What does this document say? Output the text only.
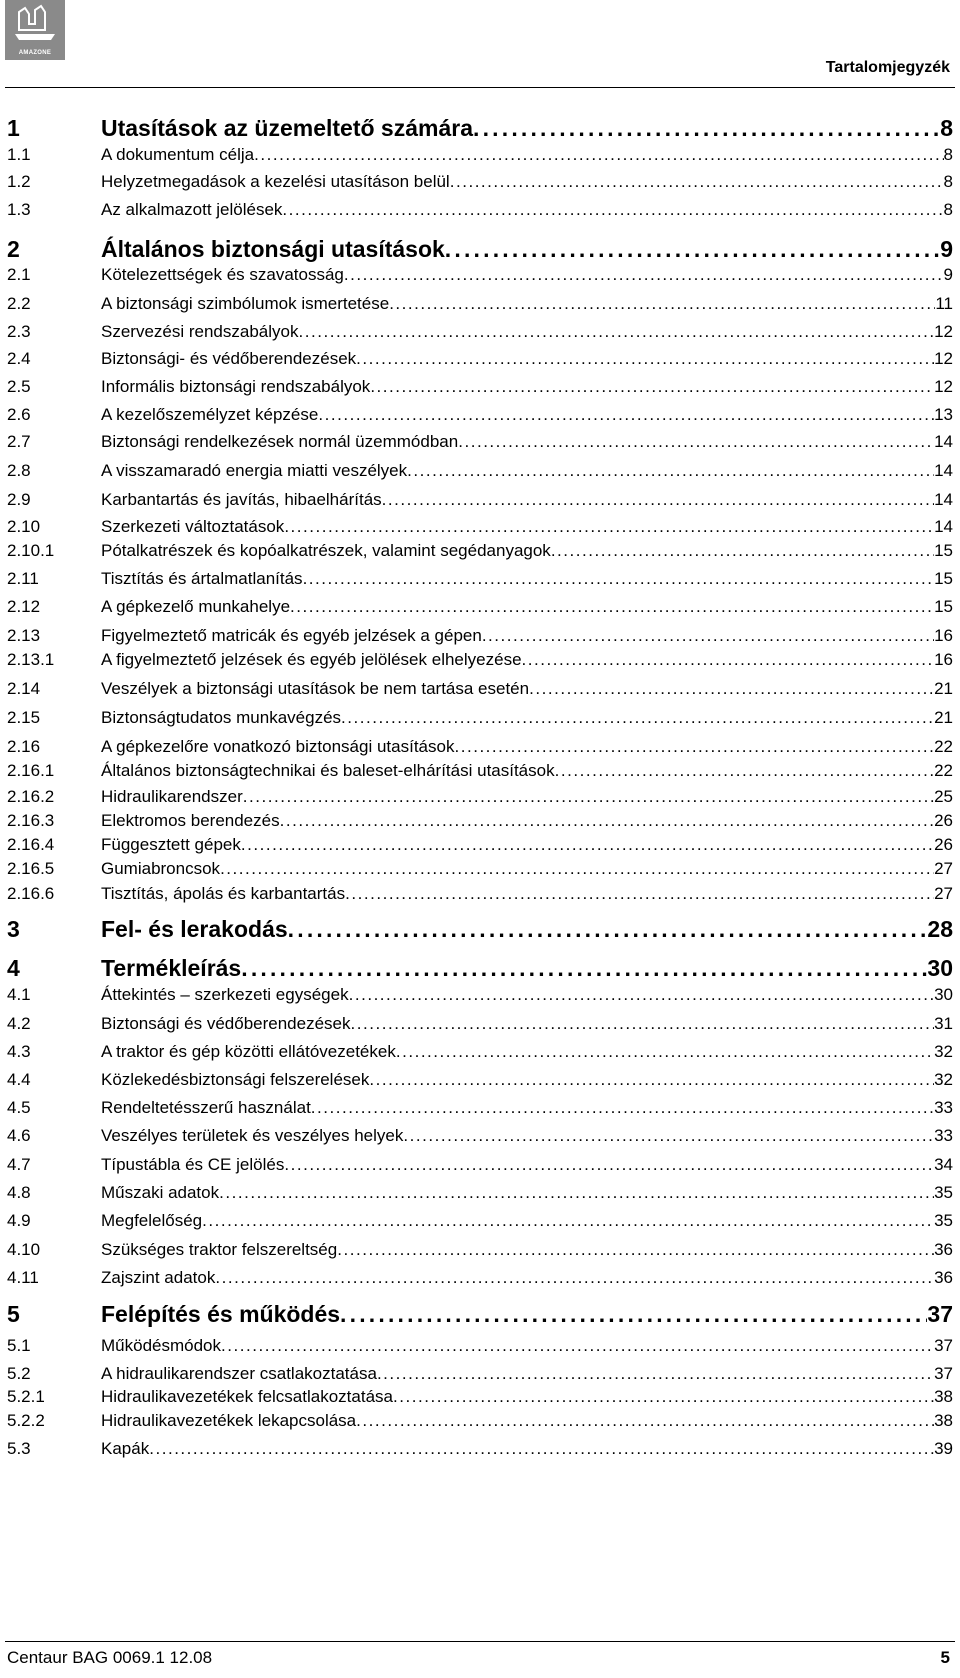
AMAZONE
Tartalomjegyzék
1	Utasítások az üzemeltető számára . . .	8
1.1	A dokumentum célja . . .	8
1.2	Helyzetmegadások a kezelési utasításon belül . . .	8
1.3	Az alkalmazott jelölések . . .	8
2	Általános biztonsági utasítások . . .	9
2.1	Kötelezettségek és szavatosság . . .	9
2.2	A biztonsági szimbólumok ismertetése . . .	11
2.3	Szervezési rendszabályok . . .	12
2.4	Biztonsági- és védőberendezések . . .	12
2.5	Informális biztonsági rendszabályok . . .	12
2.6	A kezelőszemélyzet képzése . . .	13
2.7	Biztonsági rendelkezések normál üzemmódban . . .	14
2.8	A visszamaradó energia miatti veszélyek . . .	14
2.9	Karbantartás és javítás, hibaelhárítás . . .	14
2.10	Szerkezeti változtatások . . .	14
2.10.1	Pótalkatrészek és kopóalkatrészek, valamint segédanyagok . . .	15
2.11	Tisztítás és ártalmatlanítás . . .	15
2.12	A gépkezelő munkahelye . . .	15
2.13	Figyelmeztető matricák és egyéb jelzések a gépen . . .	16
2.13.1	A figyelmeztető jelzések és egyéb jelölések elhelyezése . . .	16
2.14	Veszélyek a biztonsági utasítások be nem tartása esetén . . .	21
2.15	Biztonságtudatos munkavégzés . . .	21
2.16	A gépkezelőre vonatkozó biztonsági utasítások . . .	22
2.16.1	Általános biztonságtechnikai és baleset-elhárítási utasítások . . .	22
2.16.2	Hidraulikarendszer . . .	25
2.16.3	Elektromos berendezés . . .	26
2.16.4	Függesztett gépek . . .	26
2.16.5	Gumiabroncsok . . .	27
2.16.6	Tisztítás, ápolás és karbantartás . . .	27
3	Fel- és lerakodás . . .	28
4	Termékleírás . . .	30
4.1	Áttekintés – szerkezeti egységek . . .	30
4.2	Biztonsági és védőberendezések . . .	31
4.3	A traktor és gép közötti ellátóvezetékek . . .	32
4.4	Közlekedésbiztonsági felszerelések . . .	32
4.5	Rendeltetésszerű használat . . .	33
4.6	Veszélyes területek és veszélyes helyek . . .	33
4.7	Típustábla és CE jelölés . . .	34
4.8	Műszaki adatok . . .	35
4.9	Megfelelőség . . .	35
4.10	Szükséges traktor felszereltség . . .	36
4.11	Zajszint adatok . . .	36
5	Felépítés és működés . . .	37
5.1	Működésmódok . . .	37
5.2	A hidraulikarendszer csatlakoztatása . . .	37
5.2.1	Hidraulikavezetékek felcsatlakoztatása . . .	38
5.2.2	Hidraulikavezetékek lekapcsolása . . .	38
5.3	Kapák . . .	39
Centaur BAG 0069.1 12.08	5
